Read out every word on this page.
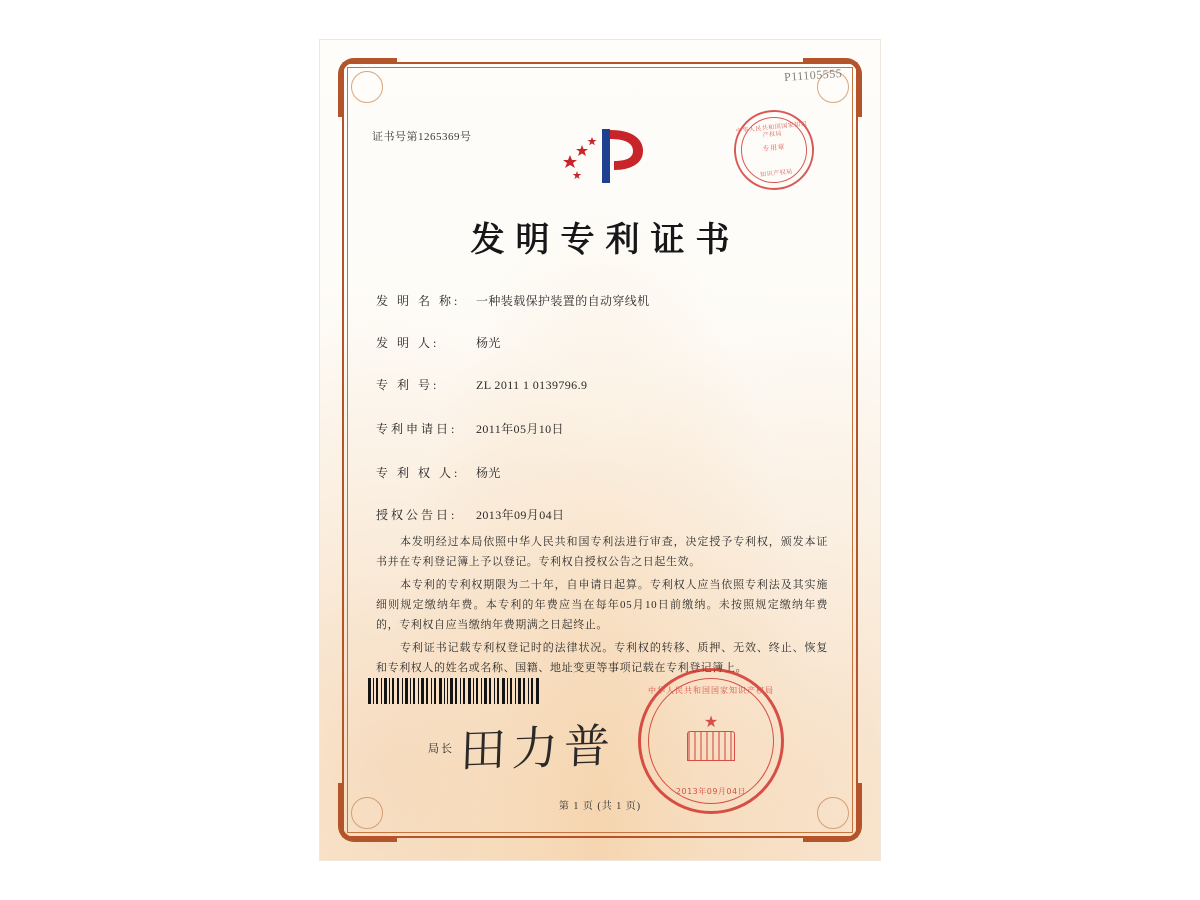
P11105555
证书号第1265369号
中华人民共和国国家知识产权局
专用章
知识产权局
发明专利证书
发 明 名 称: 一种装载保护装置的自动穿线机
发 明 人:	杨光
专 利 号:	ZL 2011 1 0139796.9
专利申请日: 2011年05月10日
专 利 权 人: 杨光
授权公告日: 2013年09月04日

本发明经过本局依照中华人民共和国专利法进行审查，决定授予专利权，颁发本证书并在专利登记簿上予以登记。专利权自授权公告之日起生效。

本专利的专利权期限为二十年，自申请日起算。专利权人应当依照专利法及其实施细则规定缴纳年费。本专利的年费应当在每年05月10日前缴纳。未按照规定缴纳年费的，专利权自应当缴纳年费期满之日起终止。

专利证书记载专利权登记时的法律状况。专利权的转移、质押、无效、终止、恢复和专利权人的姓名或名称、国籍、地址变更等事项记载在专利登记簿上。

局长 田力普
中华人民共和国国家知识产权局
★
2013年09月04日
第 1 页 (共 1 页)
